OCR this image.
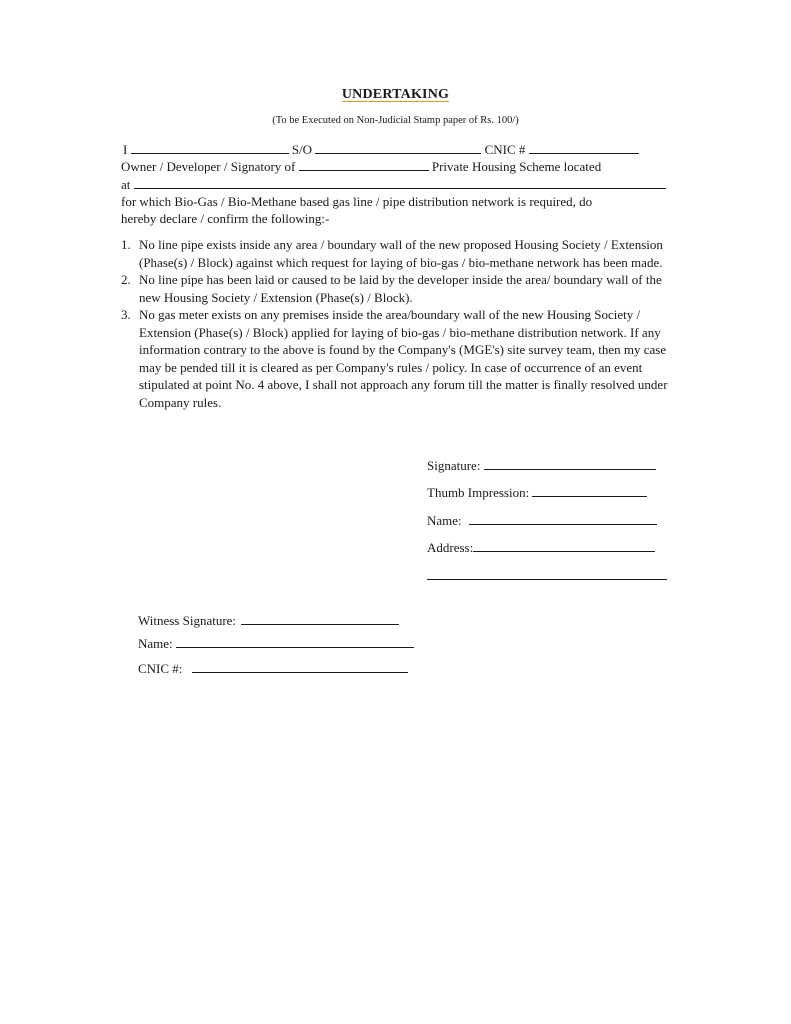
UNDERTAKING
(To be Executed on Non-Judicial Stamp paper of Rs. 100/)
I	S/O	CNIC #
Owner / Developer / Signatory of	Private Housing Scheme located
at
for which Bio-Gas / Bio-Methane based gas line / pipe distribution network is required, do
hereby declare / confirm the following:-
1. No line pipe exists inside any area / boundary wall of the new proposed Housing Society / Extension (Phase(s) / Block) against which request for laying of bio-gas / bio-methane network has been made.
2. No line pipe has been laid or caused to be laid by the developer inside the area/ boundary wall of the new Housing Society / Extension (Phase(s) / Block).
3. No gas meter exists on any premises inside the area/boundary wall of the new Housing Society / Extension (Phase(s) / Block) applied for laying of bio-gas / bio-methane distribution network. If any information contrary to the above is found by the Company's (MGE's) site survey team, then my case may be pended till it is cleared as per Company's rules / policy. In case of occurrence of an event stipulated at point No. 4 above, I shall not approach any forum till the matter is finally resolved under Company rules.
Signature:
Thumb Impression:
Name:
Address:
Witness Signature:
Name:
CNIC #:
